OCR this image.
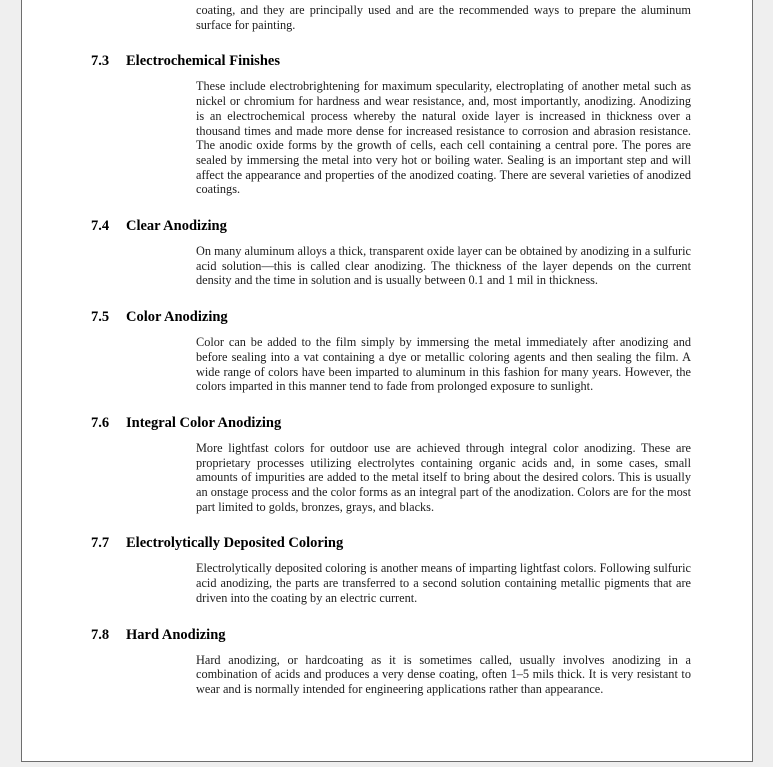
coating, and they are principally used and are the recommended ways to prepare the aluminum surface for painting.

7.3 Electrochemical Finishes

These include electrobrightening for maximum specularity, electroplating of another metal such as nickel or chromium for hardness and wear resistance, and, most importantly, anodizing. Anodizing is an electrochemical process whereby the natural oxide layer is increased in thickness over a thousand times and made more dense for increased resistance to corrosion and abrasion resistance. The anodic oxide forms by the growth of cells, each cell containing a central pore. The pores are sealed by immersing the metal into very hot or boiling water. Sealing is an important step and will affect the appearance and properties of the anodized coating. There are several varieties of anodized coatings.

7.4 Clear Anodizing

On many aluminum alloys a thick, transparent oxide layer can be obtained by anodizing in a sulfuric acid solution—this is called clear anodizing. The thickness of the layer depends on the current density and the time in solution and is usually between 0.1 and 1 mil in thickness.

7.5 Color Anodizing

Color can be added to the film simply by immersing the metal immediately after anodizing and before sealing into a vat containing a dye or metallic coloring agents and then sealing the film. A wide range of colors have been imparted to aluminum in this fashion for many years. However, the colors imparted in this manner tend to fade from prolonged exposure to sunlight.

7.6 Integral Color Anodizing

More lightfast colors for outdoor use are achieved through integral color anodizing. These are proprietary processes utilizing electrolytes containing organic acids and, in some cases, small amounts of impurities are added to the metal itself to bring about the desired colors. This is usually an onstage process and the color forms as an integral part of the anodization. Colors are for the most part limited to golds, bronzes, grays, and blacks.

7.7 Electrolytically Deposited Coloring

Electrolytically deposited coloring is another means of imparting lightfast colors. Following sulfuric acid anodizing, the parts are transferred to a second solution containing metallic pigments that are driven into the coating by an electric current.

7.8 Hard Anodizing

Hard anodizing, or hardcoating as it is sometimes called, usually involves anodizing in a combination of acids and produces a very dense coating, often 1–5 mils thick. It is very resistant to wear and is normally intended for engineering applications rather than appearance.
